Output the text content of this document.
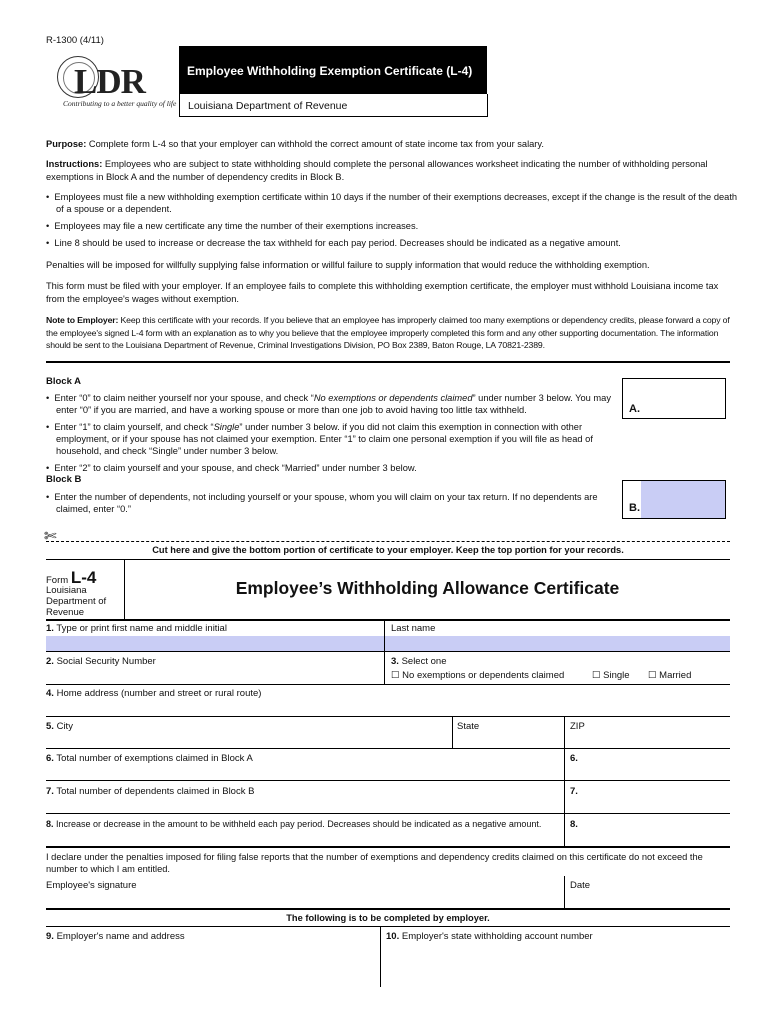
R-1300 (4/11)
LDR
Contributing to a better quality of life
Employee Withholding Exemption Certificate (L-4)
Louisiana Department of Revenue
Purpose: Complete form L-4 so that your employer can withhold the correct amount of state income tax from your salary.
Instructions: Employees who are subject to state withholding should complete the personal allowances worksheet indicating the number of withholding personal exemptions in Block A and the number of dependency credits in Block B.
•  Employees must file a new withholding exemption certificate within 10 days if the number of their exemptions decreases, except if the change is the result of the death of a spouse or a dependent.
•  Employees may file a new certificate any time the number of their exemptions increases.
•  Line 8 should be used to increase or decrease the tax withheld for each pay period. Decreases should be indicated as a negative amount.
Penalties will be imposed for willfully supplying false information or willful failure to supply information that would reduce the withholding exemption.
This form must be filed with your employer. If an employee fails to complete this withholding exemption certificate, the employer must withhold Louisiana income tax from the employee's wages without exemption.
Note to Employer: Keep this certificate with your records. If you believe that an employee has improperly claimed too many exemptions or dependency credits, please forward a copy of the employee's signed L-4 form with an explanation as to why you believe that the employee improperly completed this form and any other supporting documentation. The information should be sent to the Louisiana Department of Revenue, Criminal Investigations Division, PO Box 2389, Baton Rouge, LA 70821-2389.
Block A
•  Enter “0” to claim neither yourself nor your spouse, and check “No exemptions or dependents claimed” under number 3 below. You may enter “0” if you are married, and have a working spouse or more than one job to avoid having too little tax withheld.
•  Enter “1” to claim yourself, and check “Single” under number 3 below. if you did not claim this exemption in connection with other employment, or if your spouse has not claimed your exemption. Enter “1” to claim one personal exemption if you will file as head of household, and check “Single” under number 3 below.
•  Enter “2” to claim yourself and your spouse, and check “Married” under number 3 below.
A.
Block B
•  Enter the number of dependents, not including yourself or your spouse, whom you will claim on your tax return. If no dependents are claimed, enter “0.”	B.
✄
Cut here and give the bottom portion of certificate to your employer. Keep the top portion for your records.
Form L-4
Louisiana
Department of
Revenue
Employee’s Withholding Allowance Certificate
1. Type or print first name and middle initial	Last name
2. Social Security Number	3. Select one
☐ No exemptions or dependents claimed	☐ Single ☐ Married
4. Home address (number and street or rural route)
5. City	State	ZIP
6. Total number of exemptions claimed in Block A	6.
7. Total number of dependents claimed in Block B	7.
8. Increase or decrease in the amount to be withheld each pay period. Decreases should be indicated as a negative amount.	8.
I declare under the penalties imposed for filing false reports that the number of exemptions and dependency credits claimed on this certificate do not exceed the number to which I am entitled.
Employee's signature	Date
The following is to be completed by employer.
9. Employer's name and address	10. Employer's state withholding account number
